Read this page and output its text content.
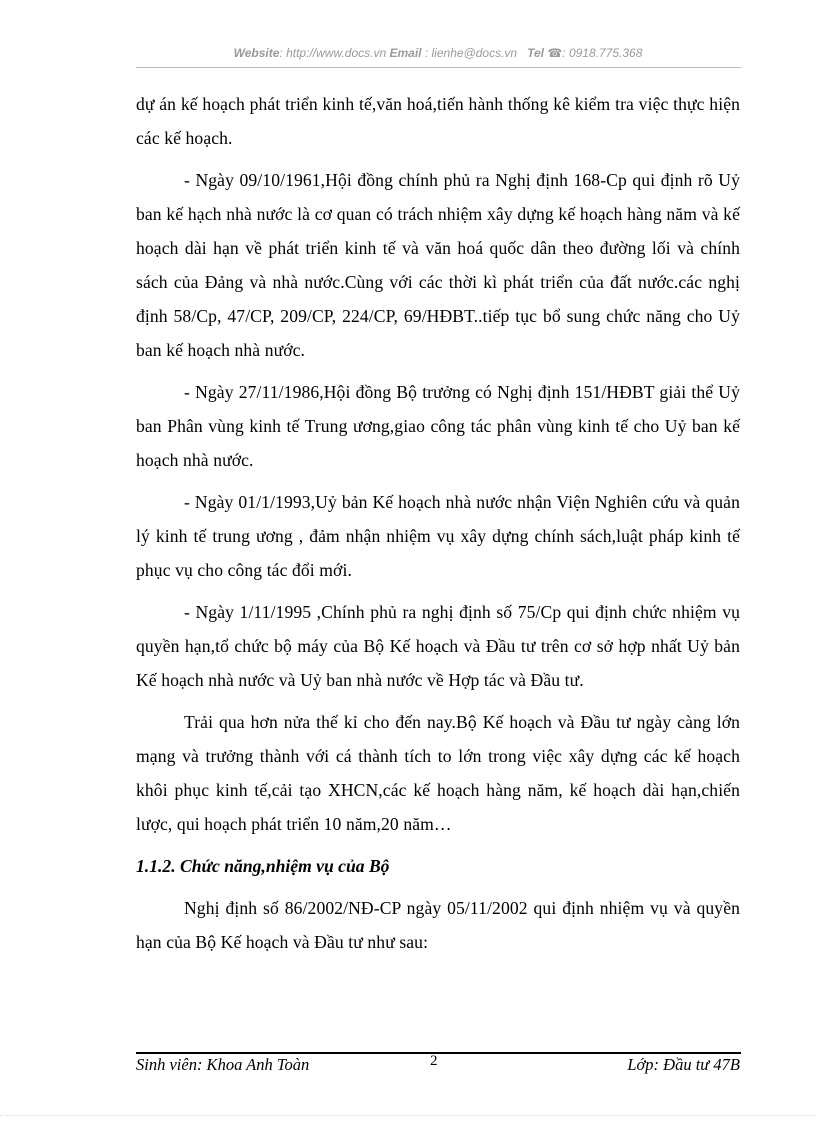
Website: http://www.docs.vn Email : lienhe@docs.vn Tel ☎: 0918.775.368

dự án kế hoạch phát triển kinh tế,văn hoá,tiến hành thống kê kiểm tra việc thực hiện các kế hoạch.

- Ngày 09/10/1961,Hội đồng chính phủ ra Nghị định 168-Cp qui định rõ Uỷ ban kế hạch nhà nước là cơ quan có trách nhiệm xây dựng kế hoạch hàng năm và kế hoạch dài hạn về phát triển kinh tế và văn hoá quốc dân theo đường lối và chính sách của Đảng và nhà nước.Cùng với các thời kì phát triển của đất nước.các nghị định 58/Cp, 47/CP, 209/CP, 224/CP, 69/HĐBT..tiếp tục bổ sung chức năng cho Uỷ ban kế hoạch nhà nước.

- Ngày 27/11/1986,Hội đồng Bộ trưởng có Nghị định 151/HĐBT giải thể Uỷ ban Phân vùng kinh tế Trung ương,giao công tác phân vùng kinh tế cho Uỷ ban kế hoạch nhà nước.

- Ngày 01/1/1993,Uỷ bản Kế hoạch nhà nước nhận Viện Nghiên cứu và quản lý kinh tế trung ương , đảm nhận nhiệm vụ xây dựng chính sách,luật pháp kinh tế phục vụ cho công tác đổi mới.

- Ngày 1/11/1995 ,Chính phủ ra nghị định số 75/Cp qui định chức nhiệm vụ quyền hạn,tổ chức bộ máy của Bộ Kế hoạch và Đầu tư trên cơ sở hợp nhất Uỷ bản Kế hoạch nhà nước và Uỷ ban nhà nước về Hợp tác và Đầu tư.

Trải qua hơn nửa thế kỉ cho đến nay.Bộ Kế hoạch và Đầu tư ngày càng lớn mạng và trưởng thành với cá thành tích to lớn trong việc xây dựng các kế hoạch khôi phục kinh tế,cải tạo XHCN,các kế hoạch hàng năm, kế hoạch dài hạn,chiến lược, qui hoạch phát triển 10 năm,20 năm…

1.1.2. Chức năng,nhiệm vụ của Bộ

Nghị định số 86/2002/NĐ-CP ngày 05/11/2002 qui định nhiệm vụ và quyền hạn của Bộ Kế hoạch và Đầu tư như sau:

Sinh viên: Khoa Anh Toàn	2	Lớp: Đầu tư 47B
